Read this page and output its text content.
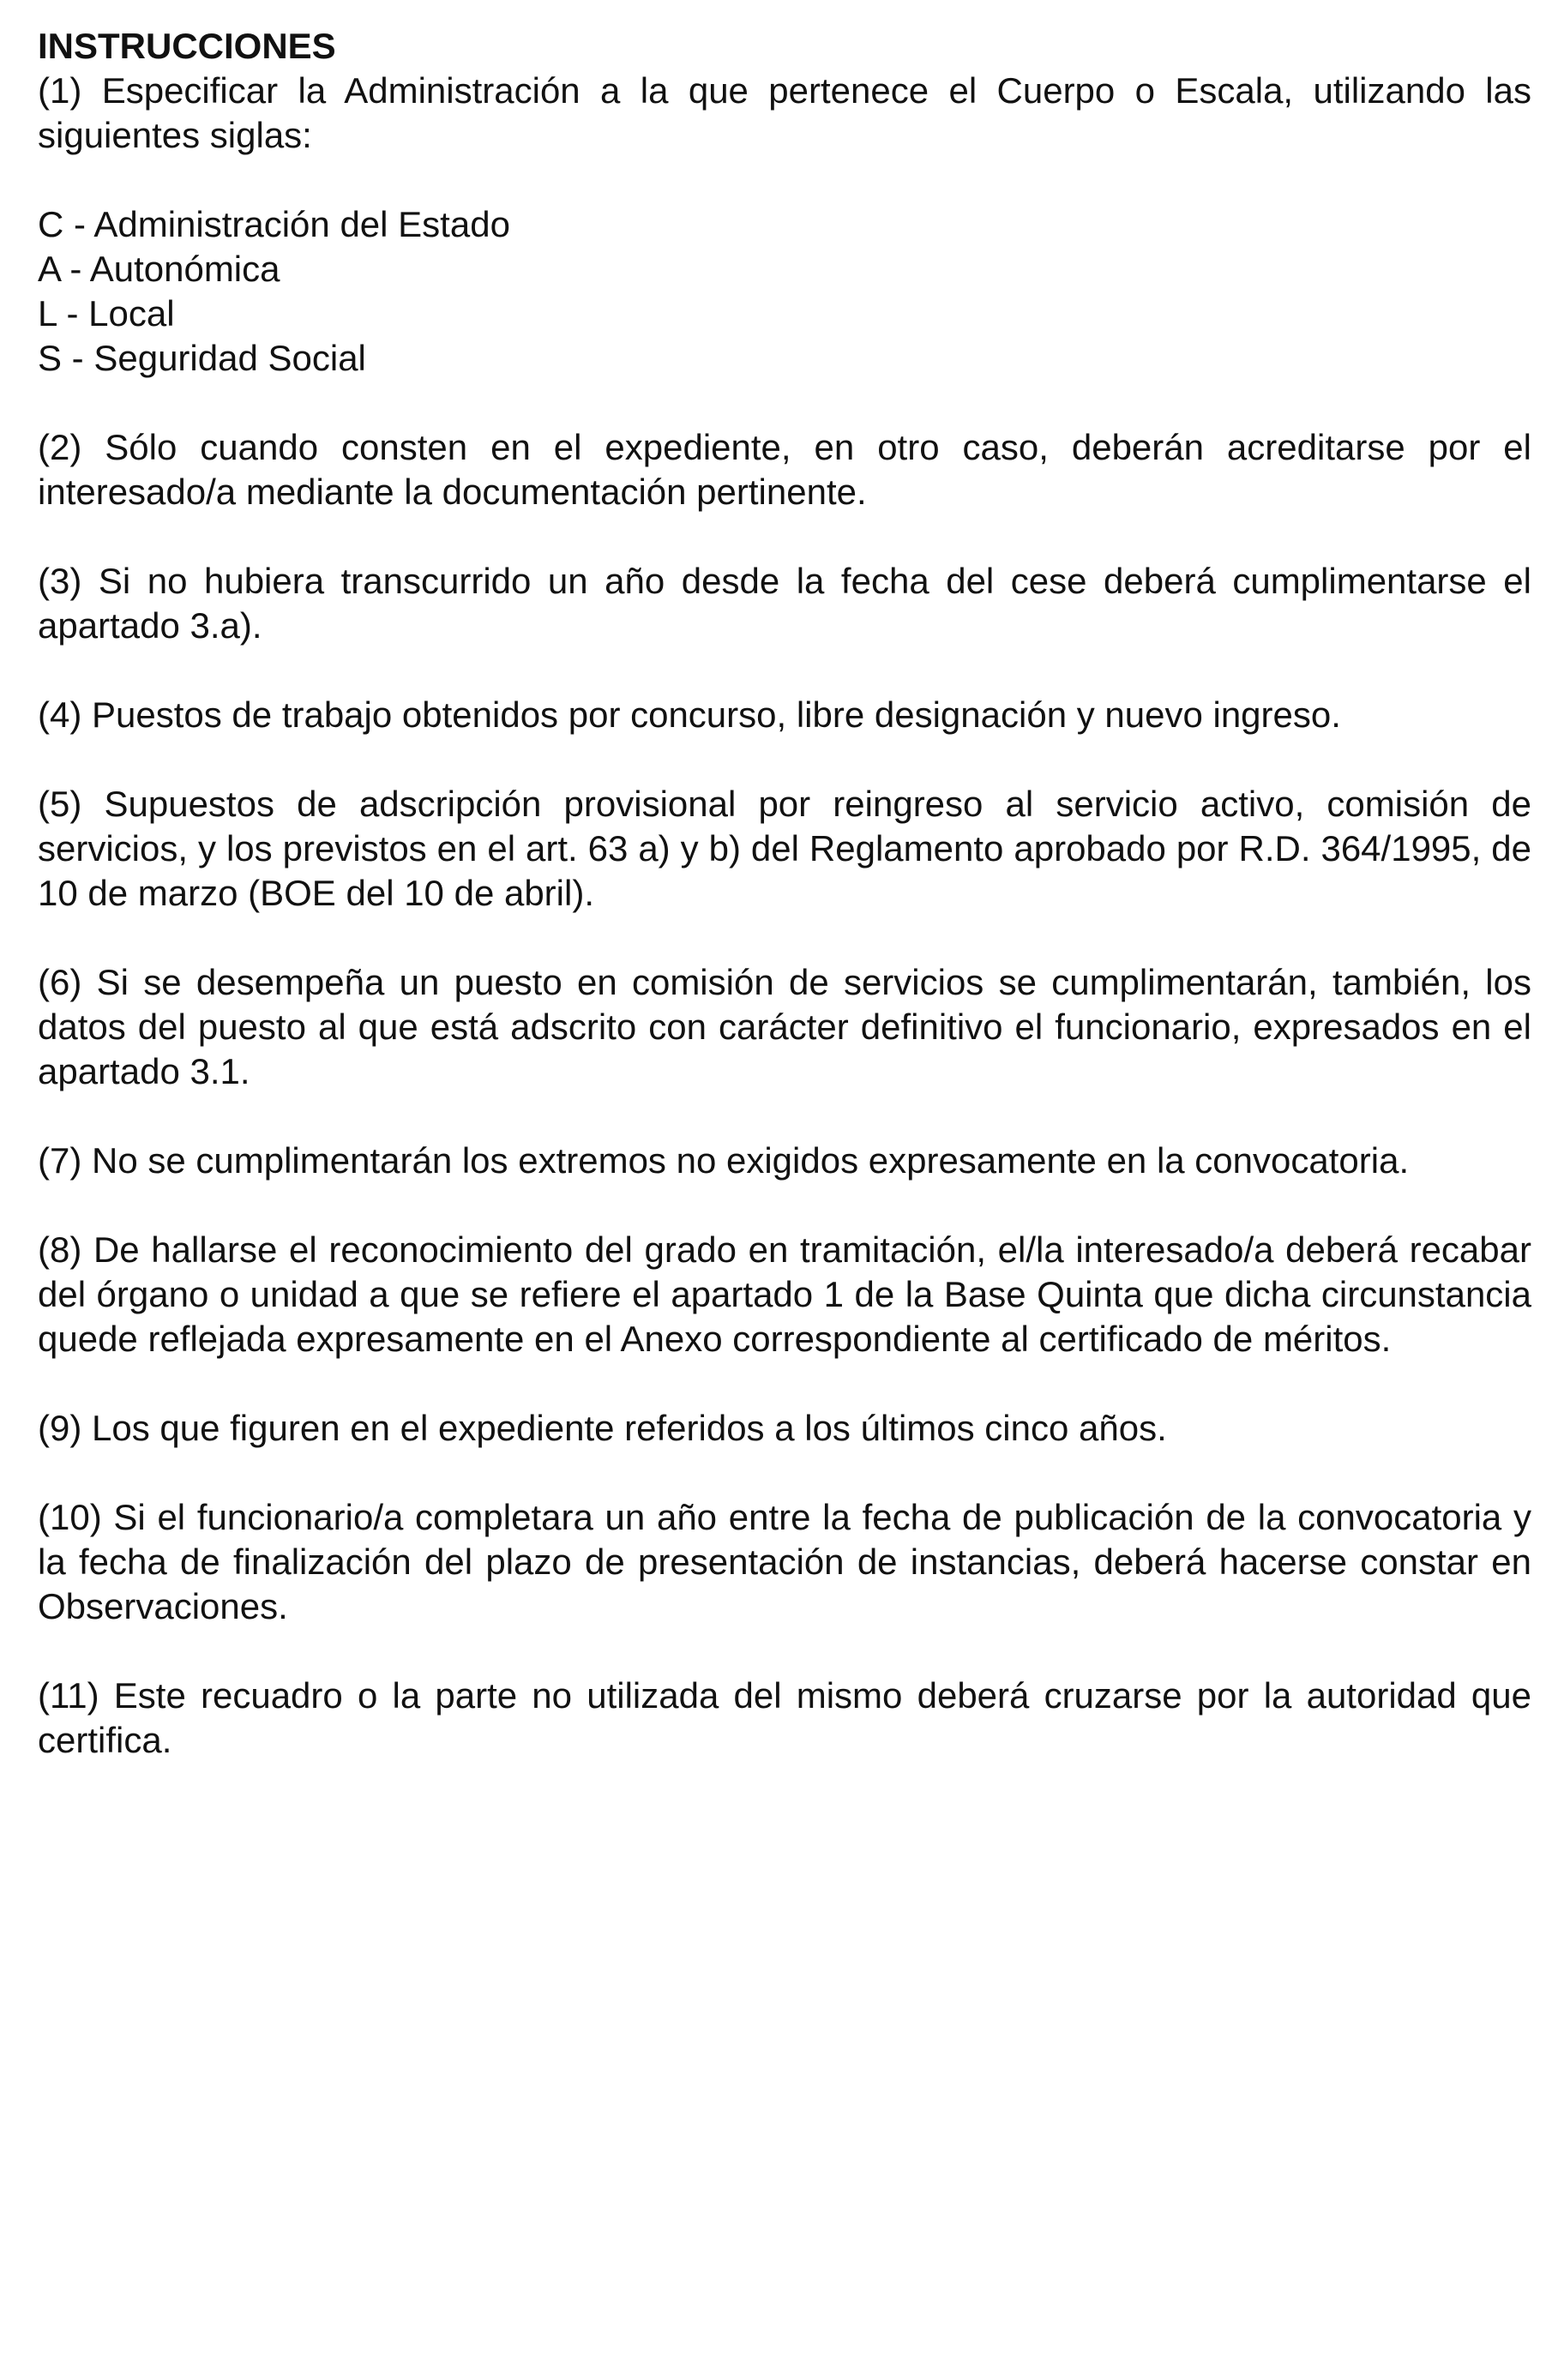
INSTRUCCIONES

(1) Especificar la Administración a la que pertenece el Cuerpo o Escala, utilizando las siguientes siglas:

C - Administración del Estado
A - Autonómica
L - Local
S - Seguridad Social

(2) Sólo cuando consten en el expediente, en otro caso, deberán acreditarse por el interesado/a mediante la documentación pertinente.

(3) Si no hubiera transcurrido un año desde la fecha del cese deberá cumplimentarse el apartado 3.a).

(4) Puestos de trabajo obtenidos por concurso, libre designación y nuevo ingreso.

(5) Supuestos de adscripción provisional por reingreso al servicio activo, comisión de servicios, y los previstos en el art. 63 a) y b) del Reglamento aprobado por R.D. 364/1995, de 10 de marzo (BOE del 10 de abril).

(6) Si se desempeña un puesto en comisión de servicios se cumplimentarán, también, los datos del puesto al que está adscrito con carácter definitivo el funcionario, expresados en el apartado 3.1.

(7) No se cumplimentarán los extremos no exigidos expresamente en la convocatoria.

(8) De hallarse el reconocimiento del grado en tramitación, el/la interesado/a deberá recabar del órgano o unidad a que se refiere el apartado 1 de la Base Quinta que dicha circunstancia quede reflejada expresamente en el Anexo correspondiente al certificado de méritos.

(9) Los que figuren en el expediente referidos a los últimos cinco años.

(10) Si el funcionario/a completara un año entre la fecha de publicación de la convocatoria y la fecha de finalización del plazo de presentación de instancias, deberá hacerse constar en Observaciones.

(11) Este recuadro o la parte no utilizada del mismo deberá cruzarse por la autoridad que certifica.
